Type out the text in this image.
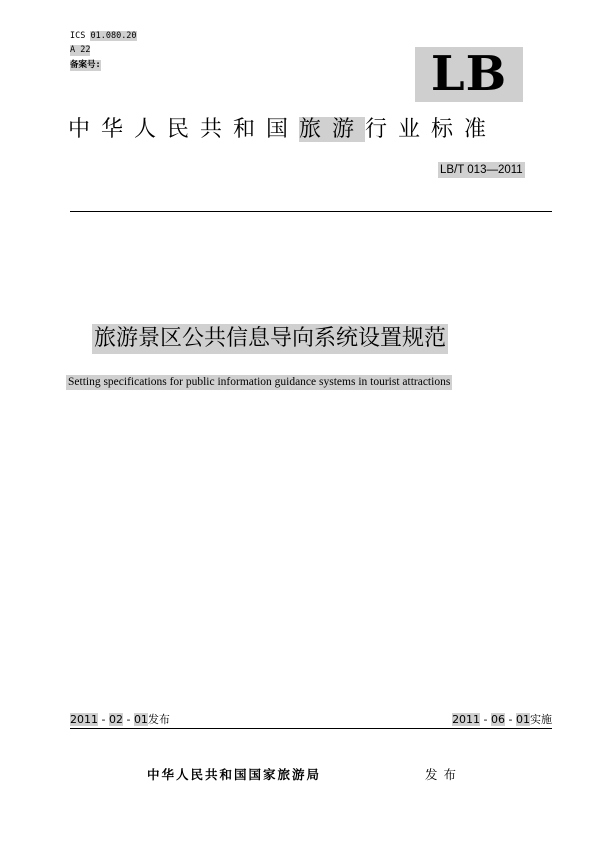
ICS 01.080.20
A 22
备案号:	LB
中华人民共和国旅游行业标准
LB/T 013—2011
旅游景区公共信息导向系统设置规范
Setting specifications for public information guidance systems in tourist attractions
2011 - 02 - 01发布	2011 - 06 - 01实施
中华人民共和国国家旅游局	发布
